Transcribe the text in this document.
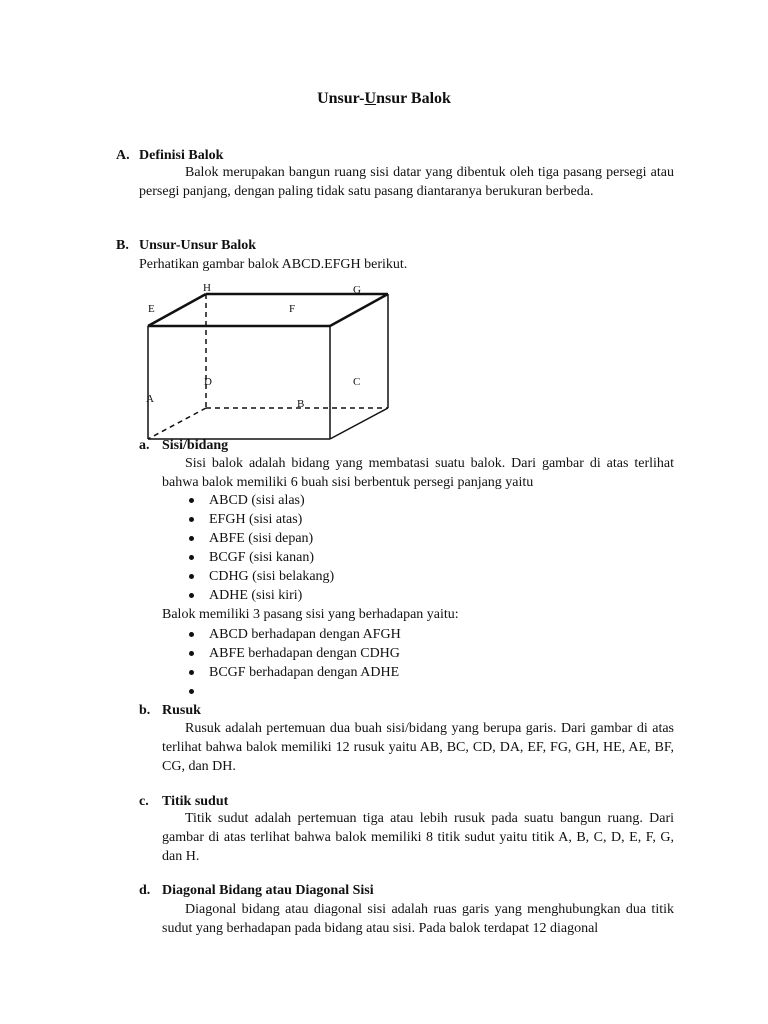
Unsur-Unsur Balok
A. Definisi Balok
Balok merupakan bangun ruang sisi datar yang dibentuk oleh tiga pasang persegi atau persegi panjang, dengan paling tidak satu pasang diantaranya berukuran berbeda.
B. Unsur-Unsur Balok
Perhatikan gambar balok ABCD.EFGH berikut.
H	G
E	F
D	C
A	B
a. Sisi/bidang
Sisi balok adalah bidang yang membatasi suatu balok. Dari gambar di atas terlihat bahwa balok memiliki 6 buah sisi berbentuk persegi panjang yaitu
ABCD (sisi alas)
EFGH (sisi atas)
ABFE (sisi depan)
BCGF (sisi kanan)
CDHG (sisi belakang)
ADHE (sisi kiri)
Balok memiliki 3 pasang sisi yang berhadapan yaitu:
ABCD berhadapan dengan AFGH
ABFE berhadapan dengan CDHG
BCGF berhadapan dengan ADHE
b. Rusuk
Rusuk adalah pertemuan dua buah sisi/bidang yang berupa garis. Dari gambar di atas terlihat bahwa balok memiliki 12 rusuk yaitu AB, BC, CD, DA, EF, FG, GH, HE, AE, BF, CG, dan DH.
c. Titik sudut
Titik sudut adalah pertemuan tiga atau lebih rusuk pada suatu bangun ruang. Dari gambar di atas terlihat bahwa balok memiliki 8 titik sudut yaitu titik A, B, C, D, E, F, G, dan H.
d. Diagonal Bidang atau Diagonal Sisi
Diagonal bidang atau diagonal sisi adalah ruas garis yang menghubungkan dua titik sudut yang berhadapan pada bidang atau sisi. Pada balok terdapat 12 diagonal
